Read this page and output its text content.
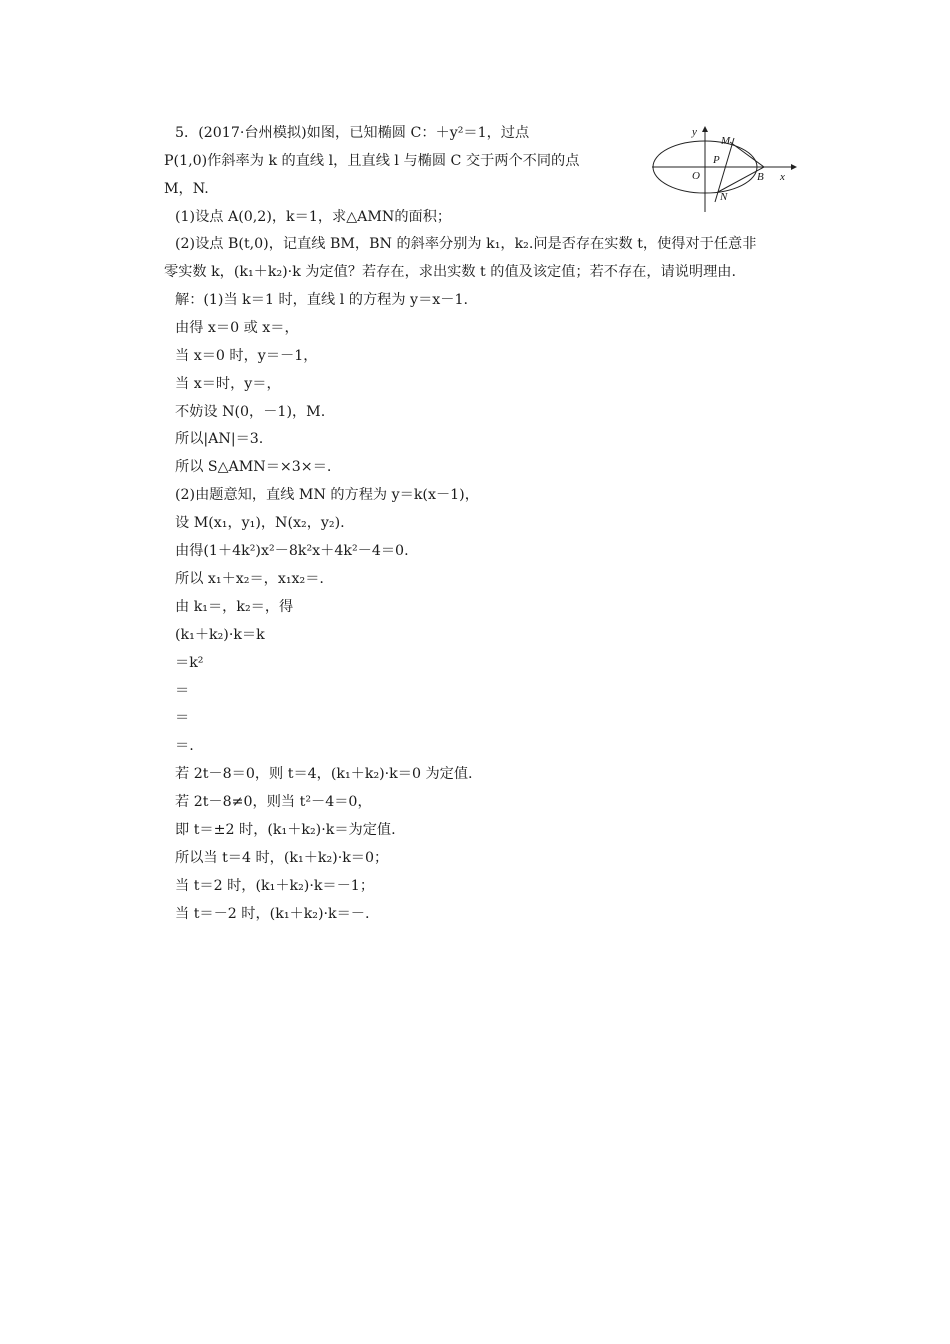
5．(2017·台州模拟)如图，已知椭圆 C：＋y²＝1，过点
P(1,0)作斜率为 k 的直线 l，且直线 l 与椭圆 C 交于两个不同的点
M，N.
(1)设点 A(0,2)，k＝1，求△AMN的面积；
(2)设点 B(t,0)，记直线 BM，BN 的斜率分别为 k₁，k₂.问是否存在实数 t，使得对于任意非
零实数 k，(k₁＋k₂)·k 为定值？若存在，求出实数 t 的值及该定值；若不存在，请说明理由.
y
x
O
P
B
M
N
解：(1)当 k＝1 时，直线 l 的方程为 y＝x－1.
由得 x＝0 或 x＝，
当 x＝0 时，y＝－1，
当 x＝时，y＝，
不妨设 N(0，－1)，M.
所以|AN|＝3.
所以 S△AMN＝×3×＝.
(2)由题意知，直线 MN 的方程为 y＝k(x－1)，
设 M(x₁，y₁)，N(x₂，y₂).
由得(1＋4k²)x²－8k²x＋4k²－4＝0.
所以 x₁＋x₂＝，x₁x₂＝.
由 k₁＝，k₂＝，得
(k₁＋k₂)·k＝k
＝k²
＝
＝
＝.
若 2t－8＝0，则 t＝4，(k₁＋k₂)·k＝0 为定值.
若 2t－8≠0，则当 t²－4＝0，
即 t＝±2 时，(k₁＋k₂)·k＝为定值.
所以当 t＝4 时，(k₁＋k₂)·k＝0；
当 t＝2 时，(k₁＋k₂)·k＝－1；
当 t＝－2 时，(k₁＋k₂)·k＝－.
